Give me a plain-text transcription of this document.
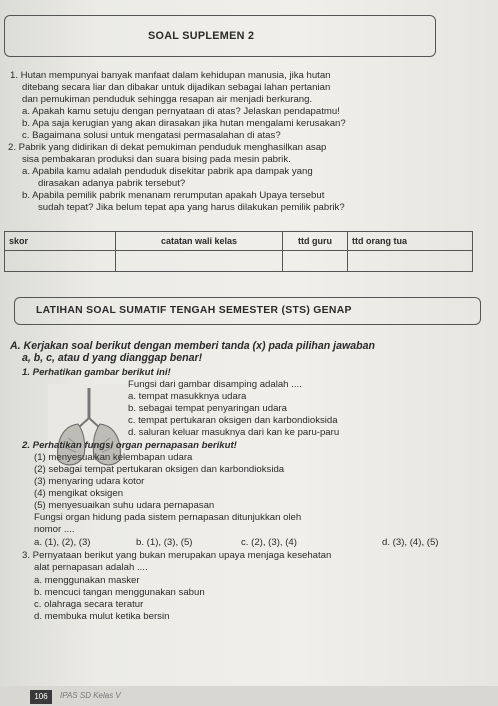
SOAL SUPLEMEN 2
1. Hutan mempunyai banyak manfaat dalam kehidupan manusia, jika hutan
ditebang secara liar dan dibakar untuk dijadikan sebagai lahan pertanian
dan pemukiman penduduk sehingga resapan air menjadi berkurang.
a. Apakah kamu setuju dengan pernyataan di atas? Jelaskan pendapatmu!
b. Apa saja kerugian yang akan dirasakan jika hutan mengalami kerusakan?
c. Bagaimana solusi untuk mengatasi permasalahan di atas?
2. Pabrik yang didirikan di dekat pemukiman penduduk menghasilkan asap
sisa pembakaran produksi dan suara bising pada mesin pabrik.
a. Apabila kamu adalah penduduk disekitar pabrik apa dampak yang
dirasakan adanya pabrik tersebut?
b. Apabila pemilik pabrik menanam rerumputan apakah Upaya tersebut
sudah tepat? Jika belum tepat apa yang harus dilakukan pemilik pabrik?
skor	catatan wali kelas	ttd guru	ttd orang tua

LATIHAN SOAL SUMATIF TENGAH SEMESTER (STS) GENAP
A. Kerjakan soal berikut dengan memberi tanda (x) pada pilihan jawaban
a, b, c, atau d yang dianggap benar!
1. Perhatikan gambar berikut ini!
Fungsi dari gambar disamping adalah ....
a. tempat masukknya udara
b. sebagai tempat penyaringan udara
c. tempat pertukaran oksigen dan karbondioksida
d. saluran keluar masuknya dari kan ke paru-paru
2. Perhatikan fungsi organ pernapasan berikut!
(1) menyesuaikan kelembapan udara
(2) sebagai tempat pertukaran oksigen dan karbondioksida
(3) menyaring udara kotor
(4) mengikat oksigen
(5) menyesuaikan suhu udara pernapasan
Fungsi organ hidung pada sistem pernapasan ditunjukkan oleh
nomor ....
a. (1), (2), (3)	b. (1), (3), (5)	c. (2), (3), (4)	d. (3), (4), (5)
3. Pernyataan berikut yang bukan merupakan upaya menjaga kesehatan
alat pernapasan adalah ....
a. menggunakan masker
b. mencuci tangan menggunakan sabun
c. olahraga secara teratur
d. membuka mulut ketika bersin
106	IPAS SD Kelas V
